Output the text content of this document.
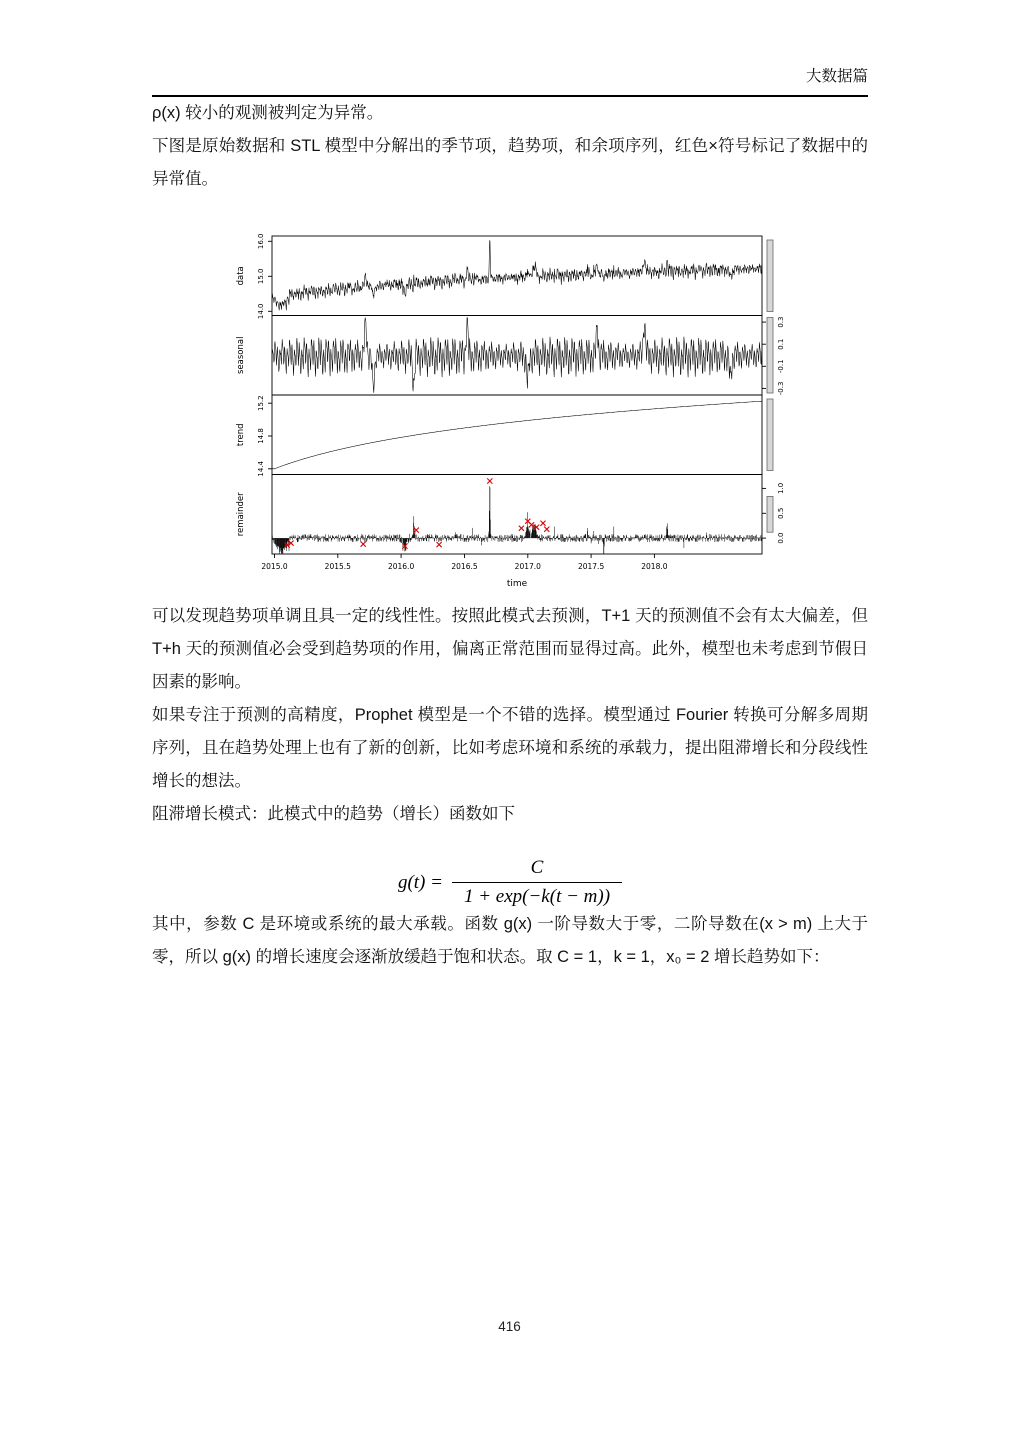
大数据篇

ρ(x) 较小的观测被判定为异常。

下图是原始数据和 STL 模型中分解出的季节项，趋势项，和余项序列，红色×符号标记了数据中的异常值。

14.0
15.0
16.0
data
-0.3
-0.1
0.1
0.3
seasonal
14.4
14.8
15.2
trend
0.0
0.5
1.0
remainder
2015.0	2015.5	2016.0	2016.5	2017.0	2017.5	2018.0
time

可以发现趋势项单调且具一定的线性性。按照此模式去预测，T+1 天的预测值不会有太大偏差，但 T+h 天的预测值必会受到趋势项的作用，偏离正常范围而显得过高。此外，模型也未考虑到节假日因素的影响。

如果专注于预测的高精度，Prophet 模型是一个不错的选择。模型通过 Fourier 转换可分解多周期序列，且在趋势处理上也有了新的创新，比如考虑环境和系统的承载力，提出阻滞增长和分段线性增长的想法。

阻滞增长模式：此模式中的趋势（增长）函数如下

$g(t) = \frac{C}{1 + \exp(-k(t - m))}$

其中，参数 C 是环境或系统的最大承载。函数 g(x) 一阶导数大于零，二阶导数在(x > m) 上大于零，所以 g(x) 的增长速度会逐渐放缓趋于饱和状态。取 C = 1，k = 1，x₀ = 2 增长趋势如下：

416
